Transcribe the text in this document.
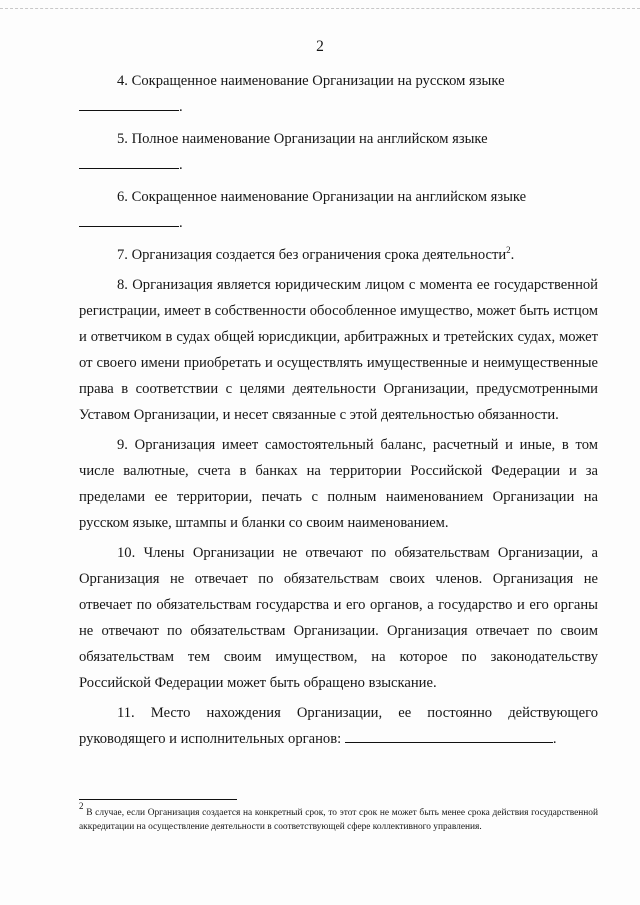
2

4. Сокращенное наименование Организации на русском языке
.

5. Полное наименование Организации на английском языке
.

6. Сокращенное наименование Организации на английском языке
.

7. Организация создается без ограничения срока деятельности$^2$.

8. Организация является юридическим лицом с момента ее государственной регистрации, имеет в собственности обособленное имущество, может быть истцом и ответчиком в судах общей юрисдикции, арбитражных и третейских судах, может от своего имени приобретать и осуществлять имущественные и неимущественные права в соответствии с целями деятельности Организации, предусмотренными Уставом Организации, и несет связанные с этой деятельностью обязанности.

9. Организация имеет самостоятельный баланс, расчетный и иные, в том числе валютные, счета в банках на территории Российской Федерации и за пределами ее территории, печать с полным наименованием Организации на русском языке, штампы и бланки со своим наименованием.

10. Члены Организации не отвечают по обязательствам Организации, а Организация не отвечает по обязательствам своих членов. Организация не отвечает по обязательствам государства и его органов, а государство и его органы не отвечают по обязательствам Организации. Организация отвечает по своим обязательствам тем своим имуществом, на которое по законодательству Российской Федерации может быть обращено взыскание.

11. Место нахождения Организации, ее постоянно действующего руководящего и исполнительных органов:	.

$^2$ В случае, если Организация создается на конкретный срок, то этот срок не может быть менее срока действия государственной аккредитации на осуществление деятельности в соответствующей сфере коллективного управления.
